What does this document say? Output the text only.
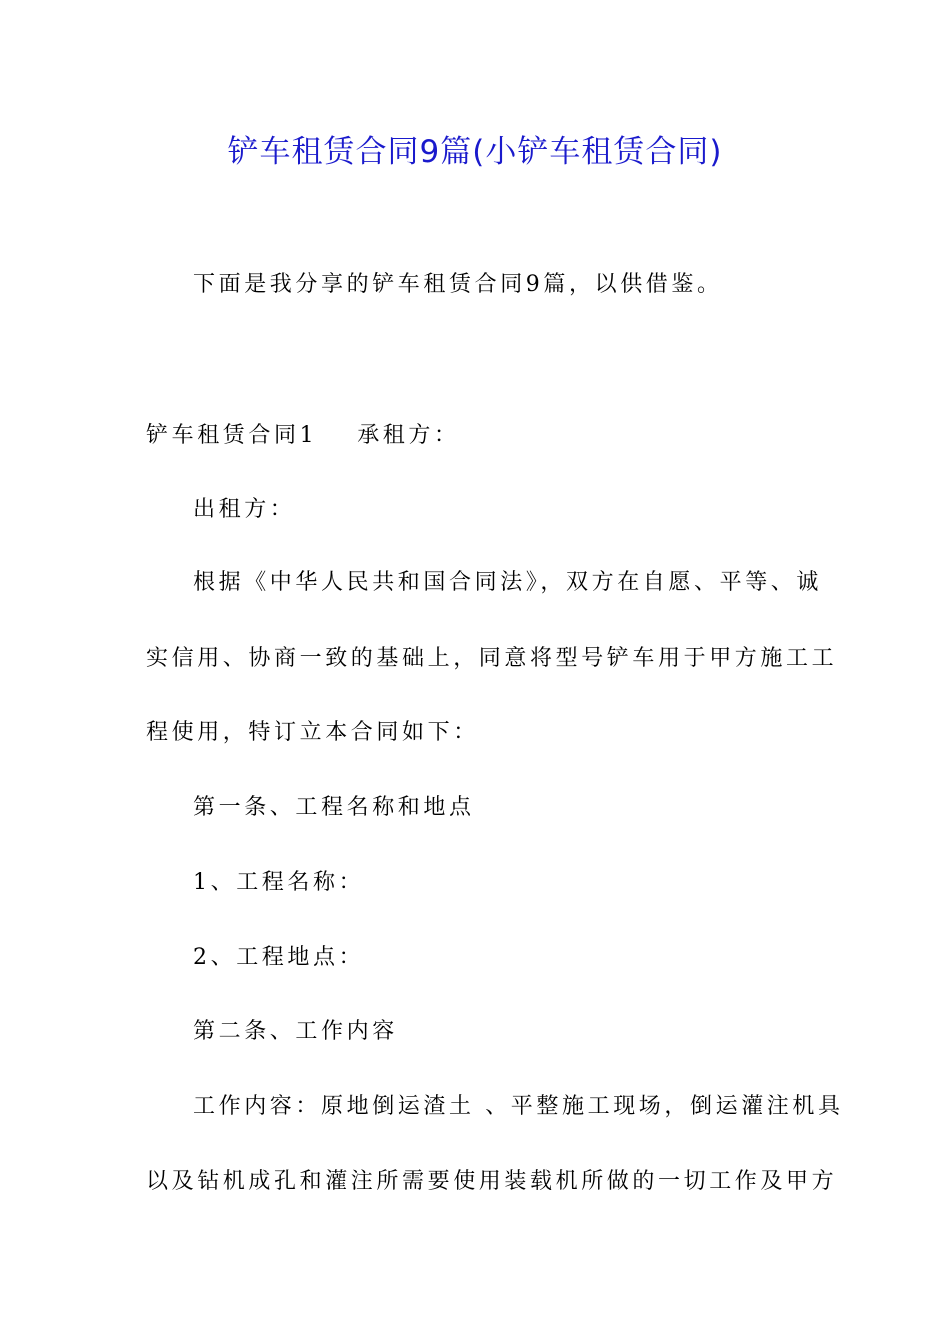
铲车租赁合同9篇(小铲车租赁合同)
下面是我分享的铲车租赁合同9篇，以供借鉴。
铲车租赁合同1 承租方：
出租方：
根据《中华人民共和国合同法》，双方在自愿、平等、诚
实信用、协商一致的基础上，同意将型号铲车用于甲方施工工
程使用，特订立本合同如下：
第一条、工程名称和地点
1、工程名称：
2、工程地点：
第二条、工作内容
工作内容：原地倒运渣土 、平整施工现场，倒运灌注机具
以及钻机成孔和灌注所需要使用装载机所做的一切工作及甲方
